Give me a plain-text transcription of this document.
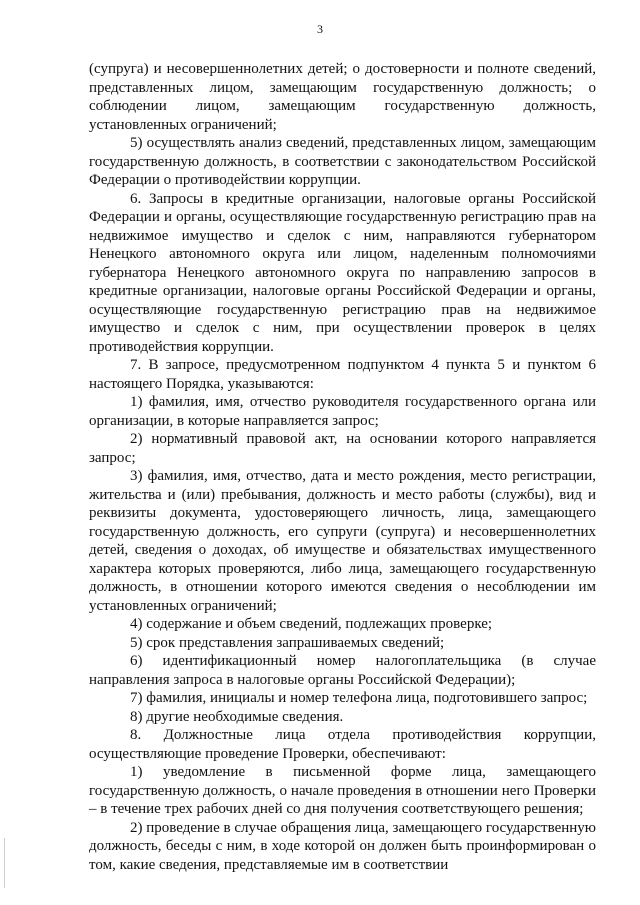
3

(супруга) и несовершеннолетних детей; о достоверности и полноте сведений, представленных лицом, замещающим государственную должность; о соблюдении лицом, замещающим государственную должность, установленных ограничений;

5) осуществлять анализ сведений, представленных лицом, замещающим государственную должность, в соответствии с законодательством Российской Федерации о противодействии коррупции.

6. Запросы в кредитные организации, налоговые органы Российской Федерации и органы, осуществляющие государственную регистрацию прав на недвижимое имущество и сделок с ним, направляются губернатором Ненецкого автономного округа или лицом, наделенным полномочиями губернатора Ненецкого автономного округа по направлению запросов в кредитные организации, налоговые органы Российской Федерации и органы, осуществляющие государственную регистрацию прав на недвижимое имущество и сделок с ним, при осуществлении проверок в целях противодействия коррупции.

7. В запросе, предусмотренном подпунктом 4 пункта 5 и пунктом 6 настоящего Порядка, указываются:

1) фамилия, имя, отчество руководителя государственного органа или организации, в которые направляется запрос;

2) нормативный правовой акт, на основании которого направляется запрос;

3) фамилия, имя, отчество, дата и место рождения, место регистрации, жительства и (или) пребывания, должность и место работы (службы), вид и реквизиты документа, удостоверяющего личность, лица, замещающего государственную должность, его супруги (супруга) и несовершеннолетних детей, сведения о доходах, об имуществе и обязательствах имущественного характера которых проверяются, либо лица, замещающего государственную должность, в отношении которого имеются сведения о несоблюдении им установленных ограничений;

4) содержание и объем сведений, подлежащих проверке;

5) срок представления запрашиваемых сведений;

6) идентификационный номер налогоплательщика (в случае направления запроса в налоговые органы Российской Федерации);

7) фамилия, инициалы и номер телефона лица, подготовившего запрос;

8) другие необходимые сведения.

8. Должностные лица отдела противодействия коррупции, осуществляющие проведение Проверки, обеспечивают:

1) уведомление в письменной форме лица, замещающего государственную должность, о начале проведения в отношении него Проверки – в течение трех рабочих дней со дня получения соответствующего решения;

2) проведение в случае обращения лица, замещающего государственную должность, беседы с ним, в ходе которой он должен быть проинформирован о том, какие сведения, представляемые им в соответствии
